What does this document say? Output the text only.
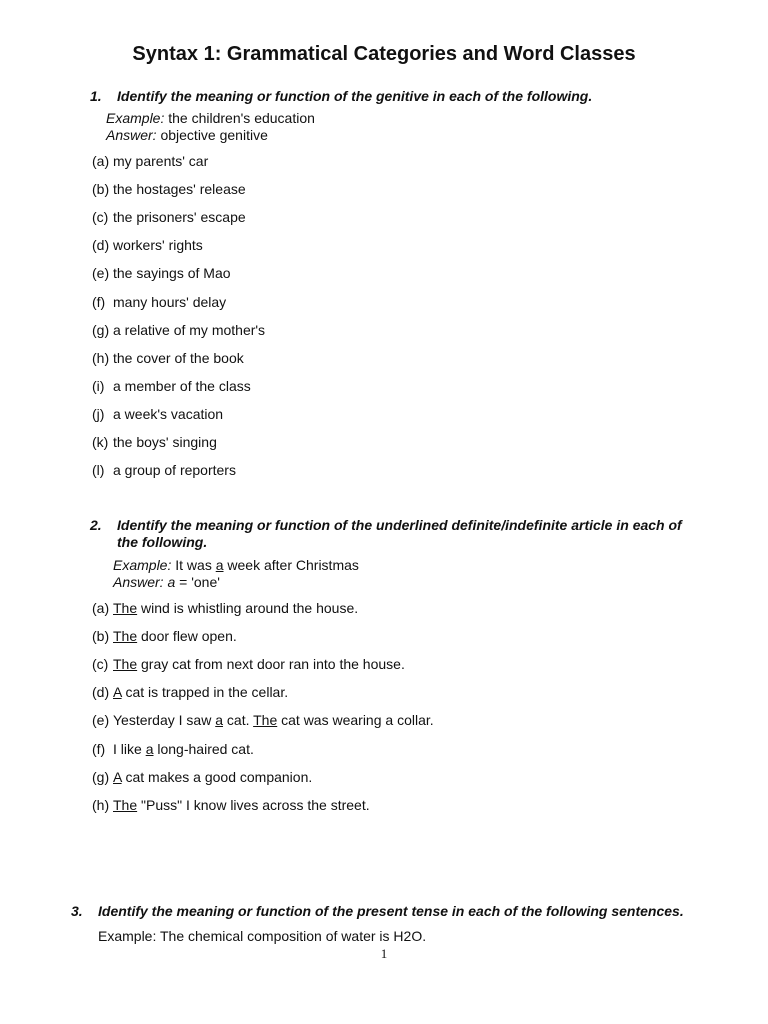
Syntax 1: Grammatical Categories and Word Classes
1. Identify the meaning or function of the genitive in each of the following.
Example: the children's education
Answer: objective genitive
(a) my parents' car
(b) the hostages' release
(c) the prisoners' escape
(d) workers' rights
(e) the sayings of Mao
(f) many hours' delay
(g) a relative of my mother's
(h) the cover of the book
(i) a member of the class
(j) a week's vacation
(k) the boys' singing
(l) a group of reporters
2. Identify the meaning or function of the underlined definite/indefinite article in each of
the following.
Example: It was a week after Christmas
Answer: a = 'one'
(a) The wind is whistling around the house.
(b) The door flew open.
(c) The gray cat from next door ran into the house.
(d) A cat is trapped in the cellar.
(e) Yesterday I saw a cat. The cat was wearing a collar.
(f) I like a long-haired cat.
(g) A cat makes a good companion.
(h) The "Puss" I know lives across the street.
3. Identify the meaning or function of the present tense in each of the following sentences.
Example: The chemical composition of water is H2O.
1
